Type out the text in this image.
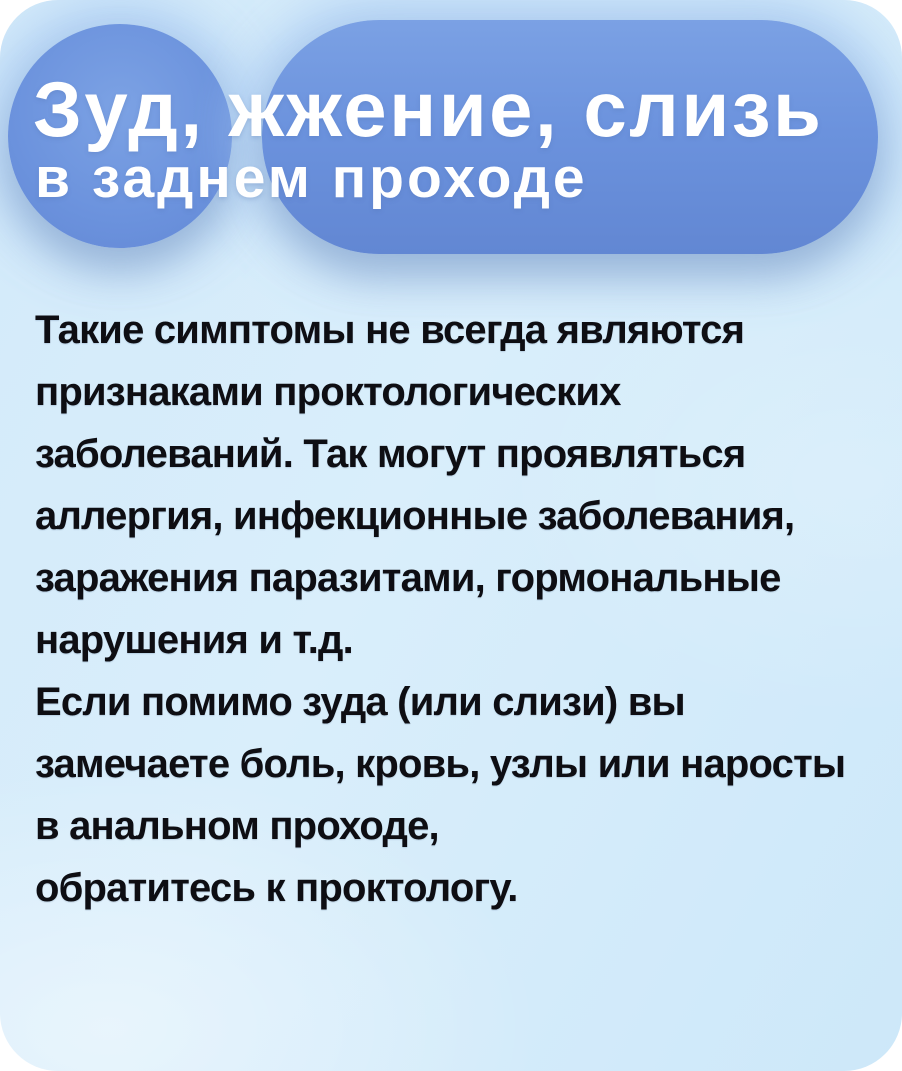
Зуд, жжение, слизь
в заднем проходе

Такие симптомы не всегда являются

признаками проктологических

заболеваний. Так могут проявляться

аллергия, инфекционные заболевания,

заражения паразитами, гормональные

нарушения и т.д.

Если помимо зуда (или слизи) вы

замечаете боль, кровь, узлы или наросты

в анальном проходе,

обратитесь к проктологу.
